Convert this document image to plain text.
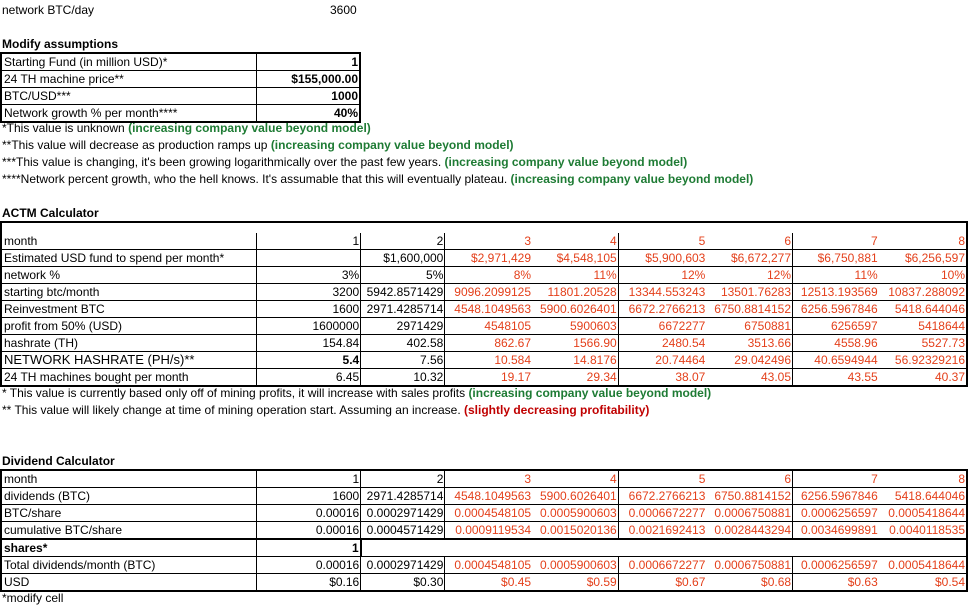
network BTC/day	3600
Modify assumptions
Starting Fund (in million USD)*	1
24 TH machine price**	$155,000.00
BTC/USD***	1000
Network growth % per month****	40%
*This value is unknown (increasing company value beyond model)
**This value will decrease as production ramps up (increasing company value beyond model)
***This value is changing, it's been growing logarithmically over the past few years. (increasing company value beyond model)
****Network percent growth, who the hell knows. It's assumable that this will eventually plateau. (increasing company value beyond model)
ACTM Calculator

month	1	2	3	4	5	6	7	8
Estimated USD fund to spend per month*		$1,600,000	$2,971,429	$4,548,105	$5,900,603	$6,672,277	$6,750,881	$6,256,597
network %	3%	5%	8%	11%	12%	12%	11%	10%
starting btc/month	3200	5942.8571429	9096.2099125	11801.20528	13344.553243	13501.76283	12513.193569	10837.288092
Reinvestment BTC	1600	2971.4285714	4548.1049563	5900.6026401	6672.2766213	6750.8814152	6256.5967846	5418.644046
profit from 50% (USD)	1600000	2971429	4548105	5900603	6672277	6750881	6256597	5418644
hashrate (TH)	154.84	402.58	862.67	1566.90	2480.54	3513.66	4558.96	5527.73
NETWORK HASHRATE (PH/s)**	5.4	7.56	10.584	14.8176	20.74464	29.042496	40.6594944	56.92329216
24 TH machines bought per month	6.45	10.32	19.17	29.34	38.07	43.05	43.55	40.37
* This value is currently based only off of mining profits, it will increase with sales profits (increasing company value beyond model)
** This value will likely change at time of mining operation start. Assuming an increase. (slightly decreasing profitability)
Dividend Calculator
month	1	2	3	4	5	6	7	8
dividends (BTC)	1600	2971.4285714	4548.1049563	5900.6026401	6672.2766213	6750.8814152	6256.5967846	5418.644046
BTC/share	0.00016	0.0002971429	0.0004548105	0.0005900603	0.0006672277	0.0006750881	0.0006256597	0.0005418644
cumulative BTC/share	0.00016	0.0004571429	0.0009119534	0.0015020136	0.0021692413	0.0028443294	0.0034699891	0.0040118535
shares*	1							
Total dividends/month (BTC)	0.00016	0.0002971429	0.0004548105	0.0005900603	0.0006672277	0.0006750881	0.0006256597	0.0005418644
USD	$0.16	$0.30	$0.45	$0.59	$0.67	$0.68	$0.63	$0.54
*modify cell
